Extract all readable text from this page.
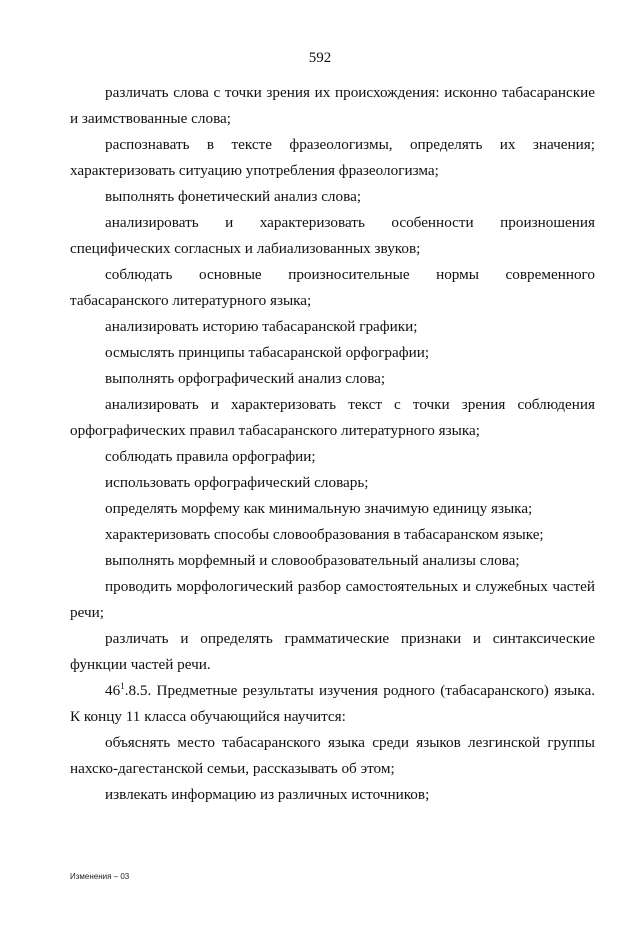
592

различать слова с точки зрения их происхождения: исконно табасаранские и заимствованные слова;

распознавать в тексте фразеологизмы, определять их значения; характеризовать ситуацию употребления фразеологизма;

выполнять фонетический анализ слова;

анализировать и характеризовать особенности произношения специфических согласных и лабиализованных звуков;

соблюдать основные произносительные нормы современного табасаранского литературного языка;

анализировать историю табасаранской графики;

осмыслять принципы табасаранской орфографии;

выполнять орфографический анализ слова;

анализировать и характеризовать текст с точки зрения соблюдения орфографических правил табасаранского литературного языка;

соблюдать правила орфографии;

использовать орфографический словарь;

определять морфему как минимальную значимую единицу языка;

характеризовать способы словообразования в табасаранском языке;

выполнять морфемный и словообразовательный анализы слова;

проводить морфологический разбор самостоятельных и служебных частей речи;

различать и определять грамматические признаки и синтаксические функции частей речи.

$46^1.8.5$. Предметные результаты изучения родного (табасаранского) языка. К концу 11 класса обучающийся научится:

объяснять место табасаранского языка среди языков лезгинской группы нахско-дагестанской семьи, рассказывать об этом;

извлекать информацию из различных источников;

Изменения – 03
